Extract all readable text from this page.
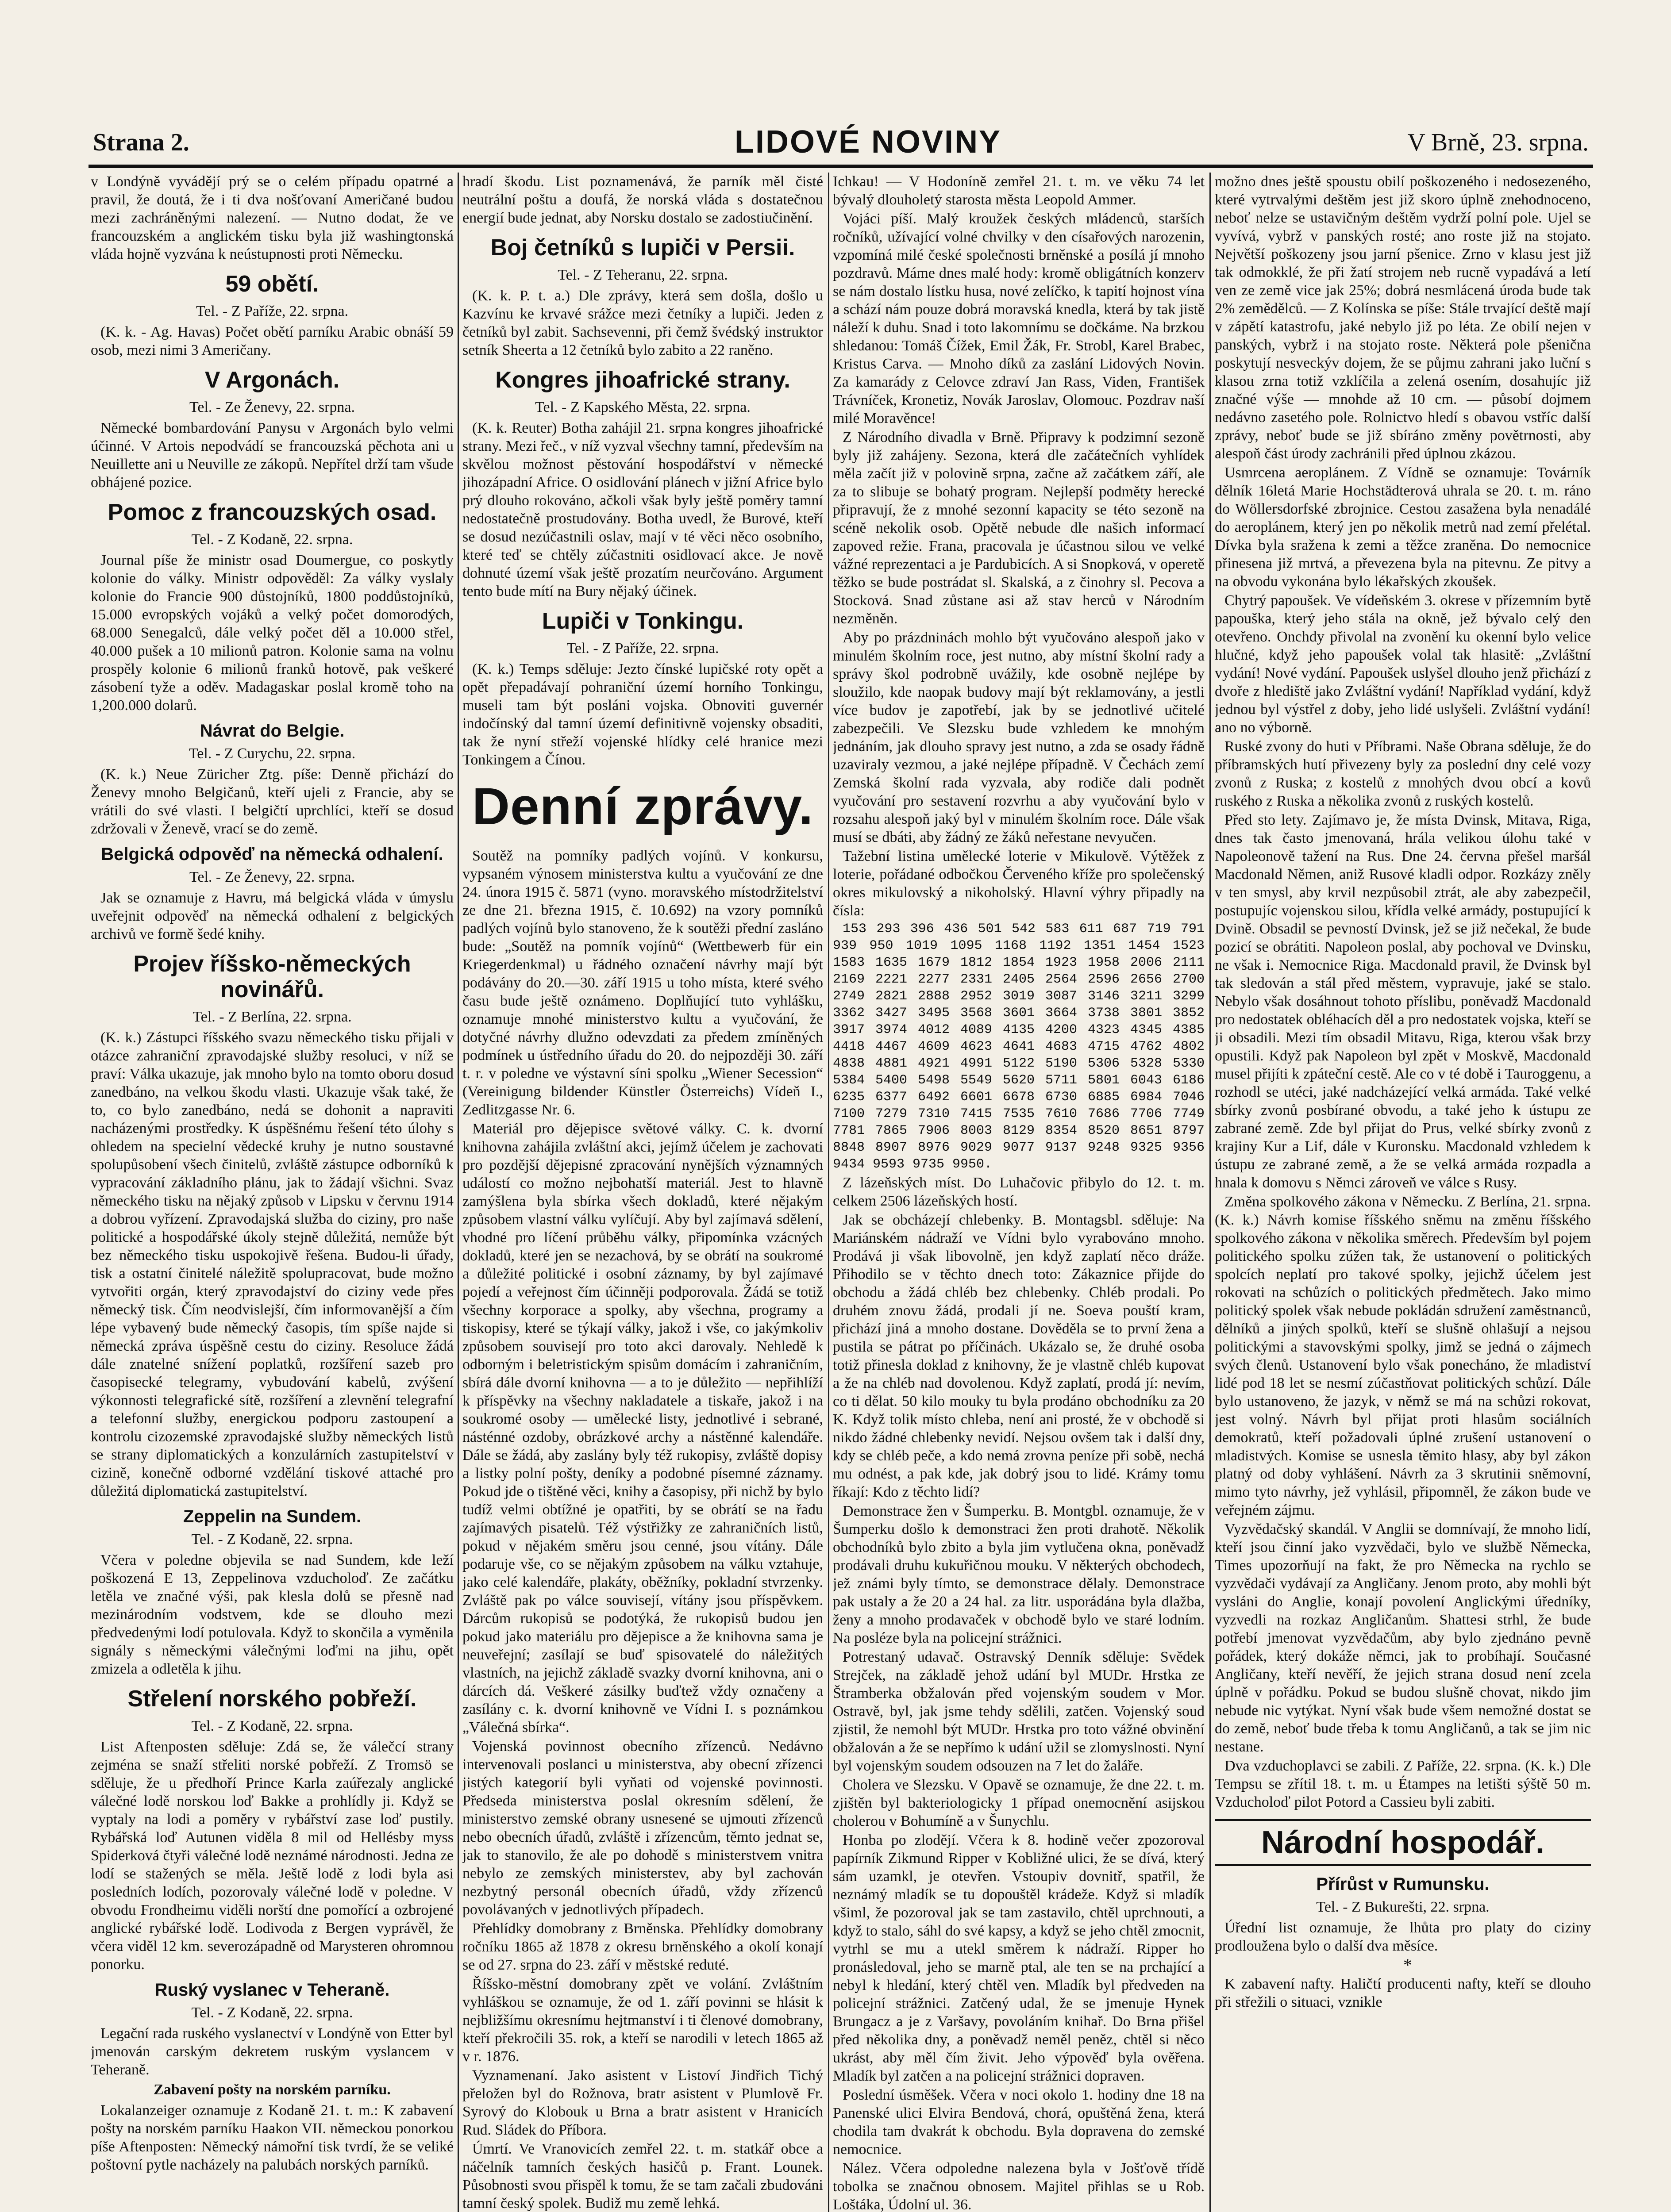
Strana 2.	LIDOVÉ NOVINY	V Brně, 23. srpna.

v Londýně vyvádějí prý se o celém případu opatrné a pravil, že doutá, že i ti dva nošťovaní Američané budou mezi zachráněnými nalezení. — Nutno dodat, že ve francouzském a anglickém tisku byla již washingtonská vláda hojně vyzvána k neústupnosti proti Německu.

59 obětí.

Tel. - Z Paříže, 22. srpna.

(K. k. - Ag. Havas) Počet obětí parníku Arabic obnáší 59 osob, mezi nimi 3 Američany.

V Argonách.

Tel. - Ze Ženevy, 22. srpna.

Německé bombardování Panysu v Argonách bylo velmi účinné. V Artois nepodvádí se francouzská pěchota ani u Neuillette ani u Neuville ze zákopů. Nepřítel drží tam všude obhájené pozice.

Pomoc z francouzských osad.

Tel. - Z Kodaně, 22. srpna.

Journal píše že ministr osad Doumergue, co poskytly kolonie do války. Ministr odpověděl: Za války vyslaly kolonie do Francie 900 důstojníků, 1800 poddůstojníků, 15.000 evropských vojáků a velký počet domorodých, 68.000 Senegalců, dále velký počet děl a 10.000 střel, 40.000 pušek a 10 milionů patron. Kolonie sama na volnu prospěly kolonie 6 milionů franků hotově, pak veškeré zásobení tyže a oděv. Madagaskar poslal kromě toho na 1,200.000 dolarů.

Návrat do Belgie.

Tel. - Z Curychu, 22. srpna.

(K. k.) Neue Züricher Ztg. píše: Denně přichází do Ženevy mnoho Belgičanů, kteří ujeli z Francie, aby se vrátili do své vlasti. I belgičtí uprchlíci, kteří se dosud zdržovali v Ženevě, vrací se do země.

Belgická odpověď na německá odhalení.

Tel. - Ze Ženevy, 22. srpna.

Jak se oznamuje z Havru, má belgická vláda v úmyslu uveřejnit odpověď na německá odhalení z belgických archivů ve formě šedé knihy.

Projev říšsko-německých novinářů.

Tel. - Z Berlína, 22. srpna.

(K. k.) Zástupci říšského svazu německého tisku přijali v otázce zahraniční zpravodajské služby resoluci, v níž se praví: Válka ukazuje, jak mnoho bylo na tomto oboru dosud zanedbáno, na velkou škodu vlasti. Ukazuje však také, že to, co bylo zanedbáno, nedá se dohonit a napraviti nacházenými prostředky. K úspěšnému řešení této úlohy s ohledem na specielní vědecké kruhy je nutno soustavné spolupůsobení všech činitelů, zvláště zástupce odborníků k vypracování základního plánu, jak to žádají všichni. Svaz německého tisku na nějaký způsob v Lipsku v červnu 1914 a dobrou vyřízení. Zpravodajská služba do ciziny, pro naše politické a hospodářské úkoly stejně důležitá, nemůže být bez německého tisku uspokojivě řešena. Budou-li úřady, tisk a ostatní činitelé náležitě spolupracovat, bude možno vytvořiti orgán, který zpravodajství do ciziny vede přes německý tisk. Čím neodvislejší, čím informovanější a čím lépe vybavený bude německý časopis, tím spíše najde si německá zpráva úspěšně cestu do ciziny. Resoluce žádá dále znatelné snížení poplatků, rozšíření sazeb pro časopisecké telegramy, vybudování kabelů, zvýšení výkonnosti telegrafické sítě, rozšíření a zlevnění telegrafní a telefonní služby, energickou podporu zastoupení a kontrolu cizozemské zpravodajské služby německých listů se strany diplomatických a konzulárních zastupitelství v cizině, konečně odborné vzdělání tiskové attaché pro důležitá diplomatická zastupitelství.

Zeppelin na Sundem.

Tel. - Z Kodaně, 22. srpna.

Včera v poledne objevila se nad Sundem, kde leží poškozená E 13, Zeppelinova vzducholoď. Ze začátku letěla ve značné výši, pak klesla dolů se přesně nad mezinárodním vodstvem, kde se dlouho mezi předvedenými lodí potulovala. Když to skončila a vyměnila signály s německými válečnými loďmi na jihu, opět zmizela a odletěla k jihu.

Střelení norského pobřeží.

Tel. - Z Kodaně, 22. srpna.

List Aftenposten sděluje: Zdá se, že válečcí strany zejména se snaží střeliti norské pobřeží. Z Tromsö se sděluje, že u předhoří Prince Karla zaúřezaly anglické válečné lodě norskou loď Bakke a prohlídly ji. Když se vyptaly na lodi a poměry v rybářství zase loď pustily. Rybářská loď Autunen viděla 8 mil od Hellésby myss Spiderková čtyři válečné lodě neznámé národnosti. Jedna ze lodí se stažených se měla. Ještě lodě z lodi byla asi posledních lodích, pozorovaly válečné lodě v poledne. V obvodu Frondheimu viděli norští dne pomořící a ozbrojené anglické rybářské lodě. Lodivoda z Bergen vyprávěl, že včera viděl 12 km. severozápadně od Marysteren ohromnou ponorku.

Ruský vyslanec v Teheraně.

Tel. - Z Kodaně, 22. srpna.

Legační rada ruského vyslanectví v Londýně von Etter byl jmenován carským dekretem ruským vyslancem v Teheraně.

Zabavení pošty na norském parníku.

Lokalanzeiger oznamuje z Kodaně 21. t. m.: K zabavení pošty na norském parníku Haakon VII. německou ponorkou píše Aftenposten: Německý námořní tisk tvrdí, že se veliké poštovní pytle nacházely na palubách norských parníků.

hradí škodu. List poznamenává, že parník měl čisté neutrální poštu a doufá, že norská vláda s dostatečnou energií bude jednat, aby Norsku dostalo se zadostiučinění.

Boj četníků s lupiči v Persii.

Tel. - Z Teheranu, 22. srpna.

(K. k. P. t. a.) Dle zprávy, která sem došla, došlo u Kazvínu ke krvavé srážce mezi četníky a lupiči. Jeden z četníků byl zabit. Sachsevenni, při čemž švédský instruktor setník Sheerta a 12 četníků bylo zabito a 22 raněno.

Kongres jihoafrické strany.

Tel. - Z Kapského Města, 22. srpna.

(K. k. Reuter) Botha zahájil 21. srpna kongres jihoafrické strany. Mezi řeč., v níž vyzval všechny tamní, především na skvělou možnost pěstování hospodářství v německé jihozápadní Africe. O osidlování plánech v jižní Africe bylo prý dlouho rokováno, ačkoli však byly ještě poměry tamní nedostatečně prostudovány. Botha uvedl, že Burové, kteří se dosud nezúčastnili oslav, mají v té věci něco osobního, které teď se chtěly zúčastniti osidlovací akce. Je nově dohnuté území však ještě prozatím neurčováno. Argument tento bude mítí na Bury nějaký účinek.

Lupiči v Tonkingu.

Tel. - Z Paříže, 22. srpna.

(K. k.) Temps sděluje: Jezto čínské lupičské roty opět a opět přepadávají pohraniční území horního Tonkingu, museli tam být posláni vojska. Obnoviti guvernér indočínský dal tamní území definitivně vojensky obsaditi, tak že nyní střeží vojenské hlídky celé hranice mezi Tonkingem a Čínou.

Denní zprávy.

Soutěž na pomníky padlých vojínů. V konkursu, vypsaném výnosem ministerstva kultu a vyučování ze dne 24. února 1915 č. 5871 (vyno. moravského místodržitelství ze dne 21. března 1915, č. 10.692) na vzory pomníků padlých vojínů bylo stanoveno, že k soutěži přední zasláno bude: „Soutěž na pomník vojínů“ (Wettbewerb für ein Kriegerdenkmal) u řádného označení návrhy mají být podávány do 20.—30. září 1915 u toho místa, které svého času bude ještě oznámeno. Doplňující tuto vyhlášku, oznamuje mnohé ministerstvo kultu a vyučování, že dotyčné návrhy dlužno odevzdati za předem zmíněných podmínek u ústředního úřadu do 20. do nejpozději 30. září t. r. v poledne ve výstavní síni spolku „Wiener Secession“ (Vereinigung bildender Künstler Österreichs) Vídeň I., Zedlitzgasse Nr. 6.

Materiál pro dějepisce světové války. C. k. dvorní knihovna zahájila zvláštní akci, jejímž účelem je zachovati pro pozdější dějepisné zpracování nynějších významných událostí co možno nejbohatší materiál. Jest to hlavně zamýšlena byla sbírka všech dokladů, které nějakým způsobem vlastní válku vylíčují. Aby byl zajímavá sdělení, vhodné pro líčení průběhu války, připomínka vzácných dokladů, které jen se nezachová, by se obrátí na soukromé a důležité politické i osobní záznamy, by byl zajímavé pojedí a veřejnost čím účinněji podporovala. Žádá se totiž všechny korporace a spolky, aby všechna, programy a tiskopisy, které se týkají války, jakož i vše, co jakýmkoliv způsobem souvisejí pro toto akci darovaly. Nehledě k odborným i beletristickým spisům domácím i zahraničním, sbírá dále dvorní knihovna — a to je důležito — nepřihlíží k příspěvky na všechny nakladatele a tiskaře, jakož i na soukromé osoby — umělecké listy, jednotlivé i sebrané, násténné ozdoby, obrázkové archy a nástěnné kalendáře. Dále se žádá, aby zaslány byly též rukopisy, zvláště dopisy a listky polní pošty, deníky a podobné písemné záznamy. Pokud jde o tištěné věci, knihy a časopisy, při nichž by bylo tudíž velmi obtížné je opatřiti, by se obrátí se na řadu zajímavých pisatelů. Též výstřižky ze zahraničních listů, pokud v nějakém směru jsou cenné, jsou vítány. Dále podaruje vše, co se nějakým způsobem na válku vztahuje, jako celé kalendáře, plakáty, oběžníky, pokladní stvrzenky. Zvláště pak po válce souvisejí, vítány jsou příspěvkem. Dárcům rukopisů se podotýká, že rukopisů budou jen pokud jako materiálu pro dějepisce a že knihovna sama je neuveřejní; zasílají se buď spisovatelé do náležitých vlastních, na jejichž základě svazky dvorní knihovna, ani o dárcích dá. Veškeré zásilky buďtež vždy označeny a zasílány c. k. dvorní knihovně ve Vídni I. s poznámkou „Válečná sbírka“.

Vojenská povinnost obecního zřízenců. Nedávno intervenovali poslanci u ministerstva, aby obecní zřízenci jistých kategorií byli vyňati od vojenské povinnosti. Předseda ministerstva poslal okresním sdělení, že ministerstvo zemské obrany usnesené se ujmouti zřízenců nebo obecních úřadů, zvláště i zřízencům, těmto jednat se, jak to stanovilo, že ale po dohodě s ministerstvem vnitra nebylo ze zemských ministerstev, aby byl zachován nezbytný personál obecních úřadů, vždy zřízenců povolávaných v jednotlivých případech.

Přehlídky domobrany z Brněnska. Přehlídky domobrany ročníku 1865 až 1878 z okresu brněnského a okolí konají se od 27. srpna do 23. září v městské reduté.

Říšsko-městní domobrany zpět ve volání. Zvláštním vyhláškou se oznamuje, že od 1. září povinni se hlásit k nejbližšímu okresnímu hejtmanství i ti členové domobrany, kteří překročili 35. rok, a kteří se narodili v letech 1865 až v r. 1876.

Vyznamenaní. Jako asistent v Listoví Jindřich Tichý přeložen byl do Rožnova, bratr asistent v Plumlově Fr. Syrový do Klobouk u Brna a bratr asistent v Hranicích Rud. Sládek do Příbora.

Úmrtí. Ve Vranovicích zemřel 22. t. m. statkář obce a náčelník tamních českých hasičů p. Frant. Lounek. Působnosti svou přispěl k tomu, že se tam začali zbudováni tamní český spolek. Budiž mu země lehká.

Ichkau! — V Hodoníně zemřel 21. t. m. ve věku 74 let bývalý dlouholetý starosta města Leopold Ammer.

Vojáci píší. Malý kroužek českých mládenců, starších ročníků, užívající volné chvilky v den císařových narozenin, vzpomíná milé české společnosti brněnské a posílá jí mnoho pozdravů. Máme dnes malé hody: kromě obligátních konzerv se nám dostalo lístku husa, nové zelíčko, k tapití hojnost vína a schází nám pouze dobrá moravská knedla, která by tak jistě náleží k duhu. Snad i toto lakomnímu se dočkáme. Na brzkou shledanou: Tomáš Čížek, Emil Žák, Fr. Strobl, Karel Brabec, Kristus Carva. — Mnoho díků za zaslání Lidových Novin. Za kamarády z Celovce zdraví Jan Rass, Viden, František Trávníček, Kronetiz, Novák Jaroslav, Olomouc. Pozdrav naší milé Moravěnce!

Z Národního divadla v Brně. Připravy k podzimní sezoně byly již zahájeny. Sezona, která dle začátečních vyhlídek měla začít již v polovině srpna, začne až začátkem září, ale za to slibuje se bohatý program. Nejlepší podměty herecké připravují, že z mnohé sezonní kapacity se této sezoně na scéně nekolik osob. Opětě nebude dle našich informací zapoved režie. Frana, pracovala je účastnou silou ve velké vážné reprezentaci a je Pardubicích. A si Snopková, v operetě těžko se bude postrádat sl. Skalská, a z činohry sl. Pecova a Stocková. Snad zůstane asi až stav herců v Národním nezměněn.

Aby po prázdninách mohlo být vyučováno alespoň jako v minulém školním roce, jest nutno, aby místní školní rady a správy škol podrobně uvážily, kde osobně nejlépe by sloužilo, kde naopak budovy mají být reklamovány, a jestli více budov je zapotřebí, jak by se jednotlivé učitelé zabezpečili. Ve Slezsku bude vzhledem ke mnohým jednáním, jak dlouho spravy jest nutno, a zda se osady řádně uzaviraly vezmou, a jaké nejlépe případně. V Čechách zemí Zemská školní rada vyzvala, aby rodiče dali podnět vyučování pro sestavení rozvrhu a aby vyučování bylo v rozsahu alespoň jaký byl v minulém školním roce. Dále však musí se dbáti, aby žádný ze žáků neřestane nevyučen.

Tažební listina umělecké loterie v Mikulově. Výtěžek z loterie, pořádané odbočkou Červeného kříže pro společenský okres mikulovský a nikoholský. Hlavní výhry připadly na čísla:

153 293 396 436 501 542 583 611 687 719 791 939 950 1019 1095 1168 1192 1351 1454 1523 1583 1635 1679 1812 1854 1923 1958 2006 2111 2169 2221 2277 2331 2405 2564 2596 2656 2700 2749 2821 2888 2952 3019 3087 3146 3211 3299 3362 3427 3495 3568 3601 3664 3738 3801 3852 3917 3974 4012 4089 4135 4200 4323 4345 4385 4418 4467 4609 4623 4641 4683 4715 4762 4802 4838 4881 4921 4991 5122 5190 5306 5328 5330 5384 5400 5498 5549 5620 5711 5801 6043 6186 6235 6377 6492 6601 6678 6730 6885 6984 7046 7100 7279 7310 7415 7535 7610 7686 7706 7749 7781 7865 7906 8003 8129 8354 8520 8651 8797 8848 8907 8976 9029 9077 9137 9248 9325 9356 9434 9593 9735 9950.

Z lázeňských míst. Do Luhačovic přibylo do 12. t. m. celkem 2506 lázeňských hostí.

Jak se obcházejí chlebenky. B. Montagsbl. sděluje: Na Mariánském nádraží ve Vídni bylo vyrabováno mnoho. Prodává ji však libovolně, jen když zaplatí něco dráže. Přihodilo se v těchto dnech toto: Zákaznice přijde do obchodu a žádá chléb bez chlebenky. Chléb prodali. Po druhém znovu žádá, prodali jí ne. Soeva pouští kram, přichází jiná a mnoho dostane. Dověděla se to první žena a pustila se pátrat po příčinách. Ukázalo se, že druhé osoba totiž přinesla doklad z knihovny, že je vlastně chléb kupovat a že na chléb nad dovolenou. Když zaplatí, prodá jí: nevím, co ti dělat. 50 kilo mouky tu byla prodáno obchodníku za 20 K. Když tolik místo chleba, není ani prosté, že v obchodě si nikdo žádné chlebenky nevidí. Nejsou ovšem tak i další dny, kdy se chléb peče, a kdo nemá zrovna peníze při sobě, nechá mu odnést, a pak kde, jak dobrý jsou to lidé. Krámy tomu říkají: Kdo z těchto lidí?

Demonstrace žen v Šumperku. B. Montgbl. oznamuje, že v Šumperku došlo k demonstraci žen proti drahotě. Několik obchodníků bylo zbito a byla jim vytlučena okna, poněvadž prodávali druhu kukuřičnou mouku. V některých obchodech, jež známi byly tímto, se demonstrace dělaly. Demonstrace pak ustaly a že 20 a 24 hal. za litr. usporádána byla dlažba, ženy a mnoho prodavaček v obchodě bylo ve staré lodním. Na posléze byla na policejní strážnici.

Potrestaný udavač. Ostravský Denník sděluje: Svědek Strejček, na základě jehož udání byl MUDr. Hrstka ze Štramberka obžalován před vojenským soudem v Mor. Ostravě, byl, jak jsme tehdy sdělili, zatčen. Vojenský soud zjistil, že nemohl být MUDr. Hrstka pro toto vážné obvinění obžalován a že se nepřímo k udání užil se zlomyslnosti. Nyní byl vojenským soudem odsouzen na 7 let do žaláře.

Cholera ve Slezsku. V Opavě se oznamuje, že dne 22. t. m. zjištěn byl bakteriologicky 1 případ onemocnění asijskou cholerou v Bohumíně a v Šunychlu.

Honba po zlodějí. Včera k 8. hodině večer zpozoroval papírník Zikmund Ripper v Kobližné ulici, že se dívá, který sám uzamkl, je otevřen. Vstoupiv dovnitř, spatřil, že neznámý mladík se tu dopouštěl krádeže. Když si mladík všiml, že pozoroval jak se tam zastavilo, chtěl uprchnouti, a když to stalo, sáhl do své kapsy, a když se jeho chtěl zmocnit, vytrhl se mu a utekl směrem k nádraží. Ripper ho pronásledoval, jeho se marně ptal, ale ten se na prchající a nebyl k hledání, který chtěl ven. Mladík byl předveden na policejní strážnici. Zatčený udal, že se jmenuje Hynek Brungacz a je z Varšavy, povoláním knihař. Do Brna přišel před několika dny, a poněvadž neměl peněz, chtěl si něco ukrást, aby měl čím živit. Jeho výpověď byla ověřena. Mladík byl zatčen a na policejní strážnici dopraven.

Poslední úsměšek. Včera v noci okolo 1. hodiny dne 18 na Panenské ulici Elvira Bendová, chorá, opuštěná žena, která chodila tam dvakrát k obchodu. Byla dopravena do zemské nemocnice.

Nález. Včera odpoledne nalezena byla v Jošťově třídě tobolka se značnou obnosem. Majitel přihlas se u Rob. Loštáka, Údolní ul. 36.

možno dnes ještě spoustu obilí poškozeného i nedosezeného, které vytrvalými deštěm jest již skoro úplně znehodnoceno, neboť nelze se ustavičným deštěm vydrží polní pole. Ujel se vyvívá, vybrž v panských rosté; ano roste již na stojato. Největší poškozeny jsou jarní pšenice. Zrno v klasu jest již tak odmokklé, že při žatí strojem neb rucně vypadává a letí ven ze země vice jak 25%; dobrá nesmlácená úroda bude tak 2% zemědělců. — Z Kolínska se píše: Stále trvající deště mají v zápětí katastrofu, jaké nebylo již po léta. Ze obilí nejen v panských, vybrž i na stojato roste. Některá pole pšenična poskytují nesveckýv dojem, že se půjmu zahrani jako luční s klasou zrna totiž vzklíčila a zelená osením, dosahujíc již značné výše — mnohde až 10 cm. — působí dojmem nedávno zasetého pole. Rolnictvo hledí s obavou vstříc další zprávy, neboť bude se již sbíráno změny povětrnosti, aby alespoň část úrody zachránili před úplnou zkázou.

Usmrcena aeroplánem. Z Vídně se oznamuje: Továrník dělník 16letá Marie Hochstädterová uhrala se 20. t. m. ráno do Wöllersdorfské zbrojnice. Cestou zasažena byla nenadálé do aeroplánem, který jen po několik metrů nad zemí přelétal. Dívka byla sražena k zemi a těžce zraněna. Do nemocnice přinesena již mrtvá, a převezena byla na pitevnu. Ze pitvy a na obvodu vykonána bylo lékařských zkoušek.

Chytrý papoušek. Ve vídeňském 3. okrese v přízemním bytě papouška, který jeho stála na okně, jež bývalo celý den otevřeno. Onchdy přivolal na zvonění ku okenní bylo velice hlučné, když jeho papoušek volal tak hlasitě: „Zvláštní vydání! Nové vydání. Papoušek uslyšel dlouho jenž přichází z dvoře z hlediště jako Zvláštní vydání! Například vydání, když jednou byl výstřel z doby, jeho lidé uslyšeli. Zvláštní vydání! ano no výborně.

Ruské zvony do huti v Příbrami. Naše Obrana sděluje, že do příbramských hutí přivezeny byly za poslední dny celé vozy zvonů z Ruska; z kostelů z mnohých dvou obcí a kovů ruského z Ruska a několika zvonů z ruských kostelů.

Před sto lety. Zajímavo je, že místa Dvinsk, Mitava, Riga, dnes tak často jmenovaná, hrála velikou úlohu také v Napoleonově tažení na Rus. Dne 24. června přešel maršál Macdonald Němen, aniž Rusové kladli odpor. Rozkázy zněly v ten smysl, aby krvil nezpůsobil ztrát, ale aby zabezpečil, postupujíc vojenskou silou, křídla velké armády, postupující k Dvině. Obsadil se pevností Dvinsk, jež se již nečekal, že bude pozicí se obrátiti. Napoleon poslal, aby pochoval ve Dvinsku, ne však i. Nemocnice Riga. Macdonald pravil, že Dvinsk byl tak sledován a stál před městem, vypravuje, jaké se stalo. Nebylo však dosáhnout tohoto příslibu, poněvadž Macdonald pro nedostatek obléhacích děl a pro nedostatek vojska, kteří se ji obsadili. Mezi tím obsadil Mitavu, Riga, kterou však brzy opustili. Když pak Napoleon byl zpět v Moskvě, Macdonald musel přijíti k zpáteční cestě. Ale co v té době i Tauroggenu, a rozhodl se utéci, jaké nadcházející velká armáda. Také velké sbírky zvonů posbírané obvodu, a také jeho k ústupu ze zabrané země. Zde byl přijat do Prus, velké sbírky zvonů z krajiny Kur a Lif, dále v Kuronsku. Macdonald vzhledem k ústupu ze zabrané země, a že se velká armáda rozpadla a hnala k domovu s Němci zároveň ve válce s Rusy.

Změna spolkového zákona v Německu. Z Berlína, 21. srpna. (K. k.) Návrh komise říšského sněmu na změnu říšského spolkového zákona v několika směrech. Především byl pojem politického spolku zúžen tak, že ustanovení o politických spolcích neplatí pro takové spolky, jejichž účelem jest rokovati na schůzích o politických předmětech. Jako mimo politický spolek však nebude pokládán sdružení zaměstnanců, dělníků a jiných spolků, kteří se slušně ohlašují a nejsou politickými a stavovskými spolky, jimž se jedná o zájmech svých členů. Ustanovení bylo však ponecháno, že mladiství lidé pod 18 let se nesmí zúčastňovat politických schůzí. Dále bylo ustanoveno, že jazyk, v němž se má na schůzi rokovat, jest volný. Návrh byl přijat proti hlasům sociálních demokratů, kteří požadovali úplné zrušení ustanovení o mladistvých. Komise se usnesla těmito hlasy, aby byl zákon platný od doby vyhlášení. Návrh za 3 skrutinii sněmovní, mimo tyto návrhy, jež vyhlásil, připomněl, že zákon bude ve veřejném zájmu.

Vyzvědačský skandál. V Anglii se domnívají, že mnoho lidí, kteří jsou činní jako vyzvědači, bylo ve službě Německa, Times upozorňují na fakt, že pro Německa na rychlo se vyzvědači vydávají za Angličany. Jenom proto, aby mohli být vysláni do Anglie, konají povolení Anglickými úředníky, vyzvedli na rozkaz Angličanům. Shattesi strhl, že bude potřebí jmenovat vyzvědačům, aby bylo zjednáno pevně pořádek, který dokáže němci, jak to probíhají. Současné Angličany, kteří nevěří, že jejich strana dosud není zcela úplně v pořádku. Pokud se budou slušně chovat, nikdo jim nebude nic vytýkat. Nyní však bude všem nemožné dostat se do země, neboť bude třeba k tomu Angličanů, a tak se jim nic nestane.

Dva vzduchoplavci se zabili. Z Paříže, 22. srpna. (K. k.) Dle Tempsu se zřítil 18. t. m. u Étampes na letišti sýště 50 m. Vzducholoď pilot Potord a Cassieu byli zabiti.

Národní hospodář.
Přírůst v Rumunsku.

Tel. - Z Bukurešti, 22. srpna.

Úřední list oznamuje, že lhůta pro platy do ciziny prodloužena bylo o další dva měsíce.

*

K zabavení nafty. Haličtí producenti nafty, kteří se dlouho při střežili o situaci, vznikle
